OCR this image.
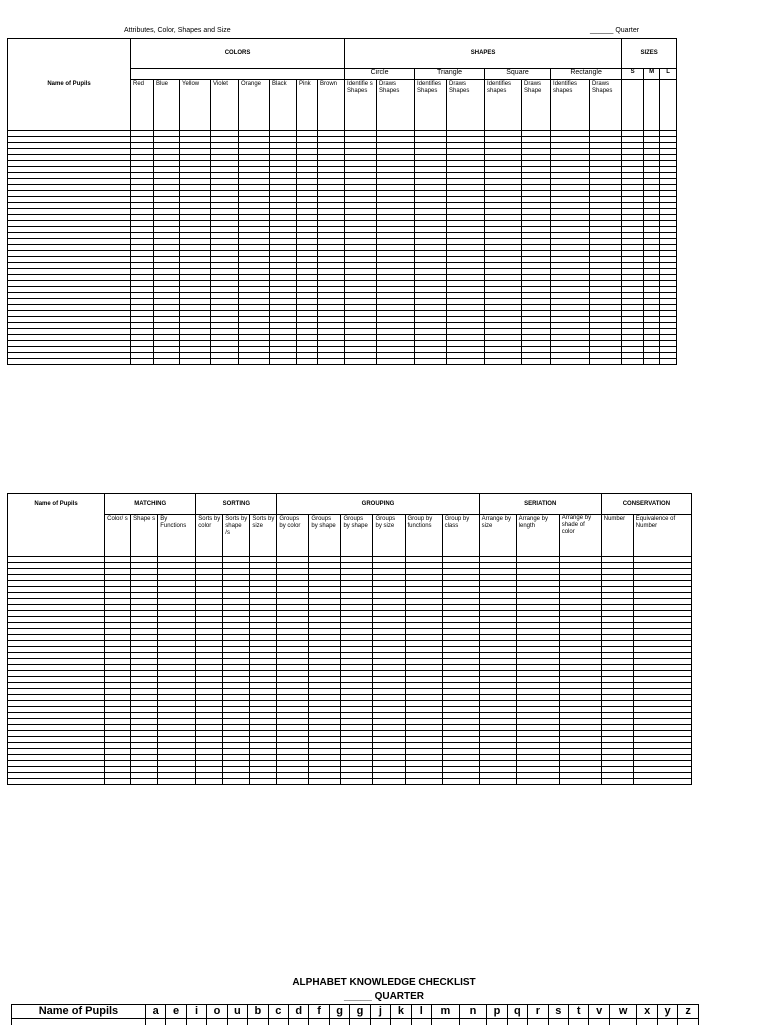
Attributes, Color, Shapes and Size	______ Quarter
Name of Pupils	COLORS								SHAPES								SIZES		
									Circle		Triangle		Square		Rectangle		S	M	L
	Red	Blue	Yellow	Violet	Orange	Black	Pink	Brown	Identifie s Shapes	Draws Shapes	Identifies Shapes	Draws Shapes	Identifies shapes	Draws Shape	Identifies shapes	Draws Shapes			

Name of Pupils	MATCHING			SORTING			GROUPING						SERIATION			CONSERVATION	
	Color/ s	Shape s	By Functions	Sorts by color	Sorts by shape /s	Sorts by size	Groups by color	Groups by shape	Groups by shape	Groups by size	Group by functions	Group by class	Arrange by size	Arrange by length	Arrange by shade of color	Number	Equivalence of Number

ALPHABET KNOWLEDGE CHECKLIST
_____ QUARTER
Name of Pupils	a	e	i	o	u	b	c	d	f	g	g	j	k	l	m	n	p	q	r	s	t	v	w	x	y	z
